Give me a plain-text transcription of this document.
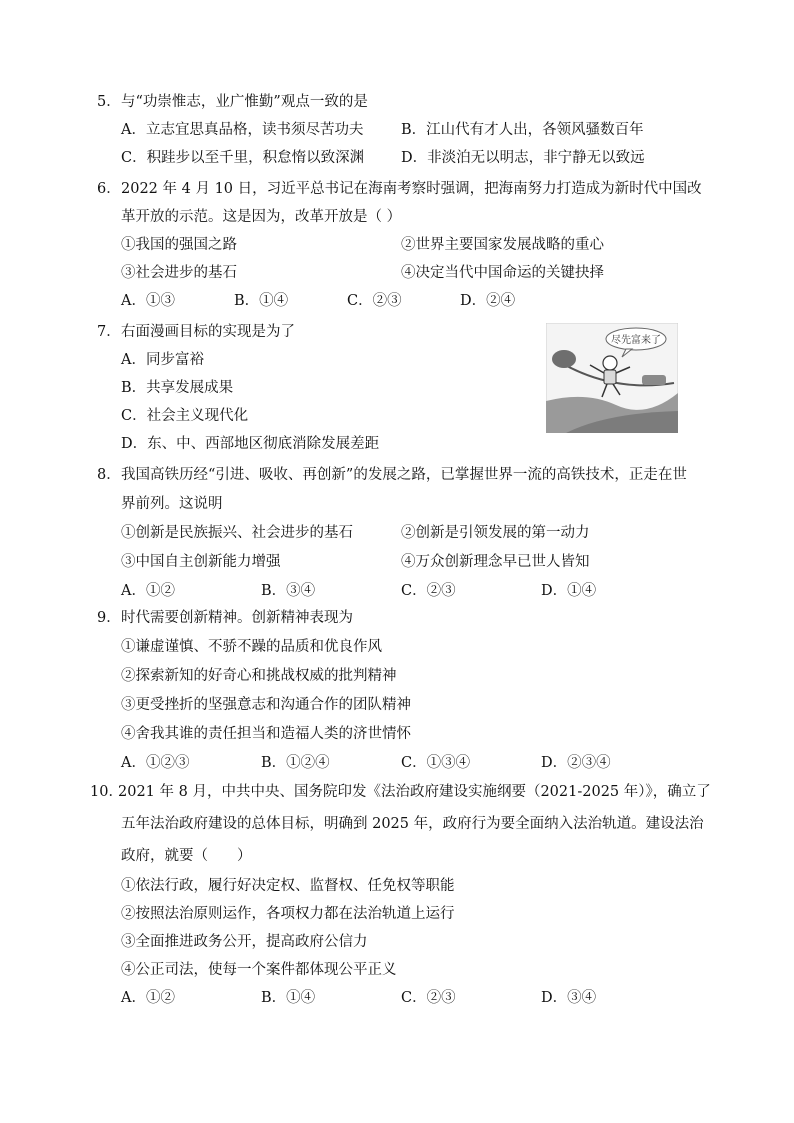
5．与“功崇惟志，业广惟勤”观点一致的是
A．立志宜思真品格，读书须尽苦功夫	B．江山代有才人出，各领风骚数百年
C．积跬步以至千里，积怠惰以致深渊	D．非淡泊无以明志，非宁静无以致远
6．2022 年 4 月 10 日，习近平总书记在海南考察时强调，把海南努力打造成为新时代中国改
革开放的示范。这是因为，改革开放是（ ）
①我国的强国之路	②世界主要国家发展战略的重心
③社会进步的基石	④决定当代中国命运的关键抉择
A．①③	B．①④	C．②③	D．②④
7．右面漫画目标的实现是为了
A．同步富裕
B．共享发展成果
C．社会主义现代化
D．东、中、西部地区彻底消除发展差距
尽先富来了
8．我国高铁历经“引进、吸收、再创新”的发展之路，已掌握世界一流的高铁技术，正走在世
界前列。这说明
①创新是民族振兴、社会进步的基石	②创新是引领发展的第一动力
③中国自主创新能力增强	④万众创新理念早已世人皆知
A．①②	B．③④	C．②③	D．①④
9．时代需要创新精神。创新精神表现为
①谦虚谨慎、不骄不躁的品质和优良作风
②探索新知的好奇心和挑战权威的批判精神
③更受挫折的坚强意志和沟通合作的团队精神
④舍我其谁的责任担当和造福人类的济世情怀
A．①②③	B．①②④	C．①③④	D．②③④
10．2021 年 8 月，中共中央、国务院印发《法治政府建设实施纲要（2021-2025 年）》，确立了
五年法治政府建设的总体目标，明确到 2025 年，政府行为要全面纳入法治轨道。建设法治
政府，就要（　　）
①依法行政，履行好决定权、监督权、任免权等职能
②按照法治原则运作，各项权力都在法治轨道上运行
③全面推进政务公开，提高政府公信力
④公正司法，使每一个案件都体现公平正义
A．①②	B．①④	C．②③	D．③④
